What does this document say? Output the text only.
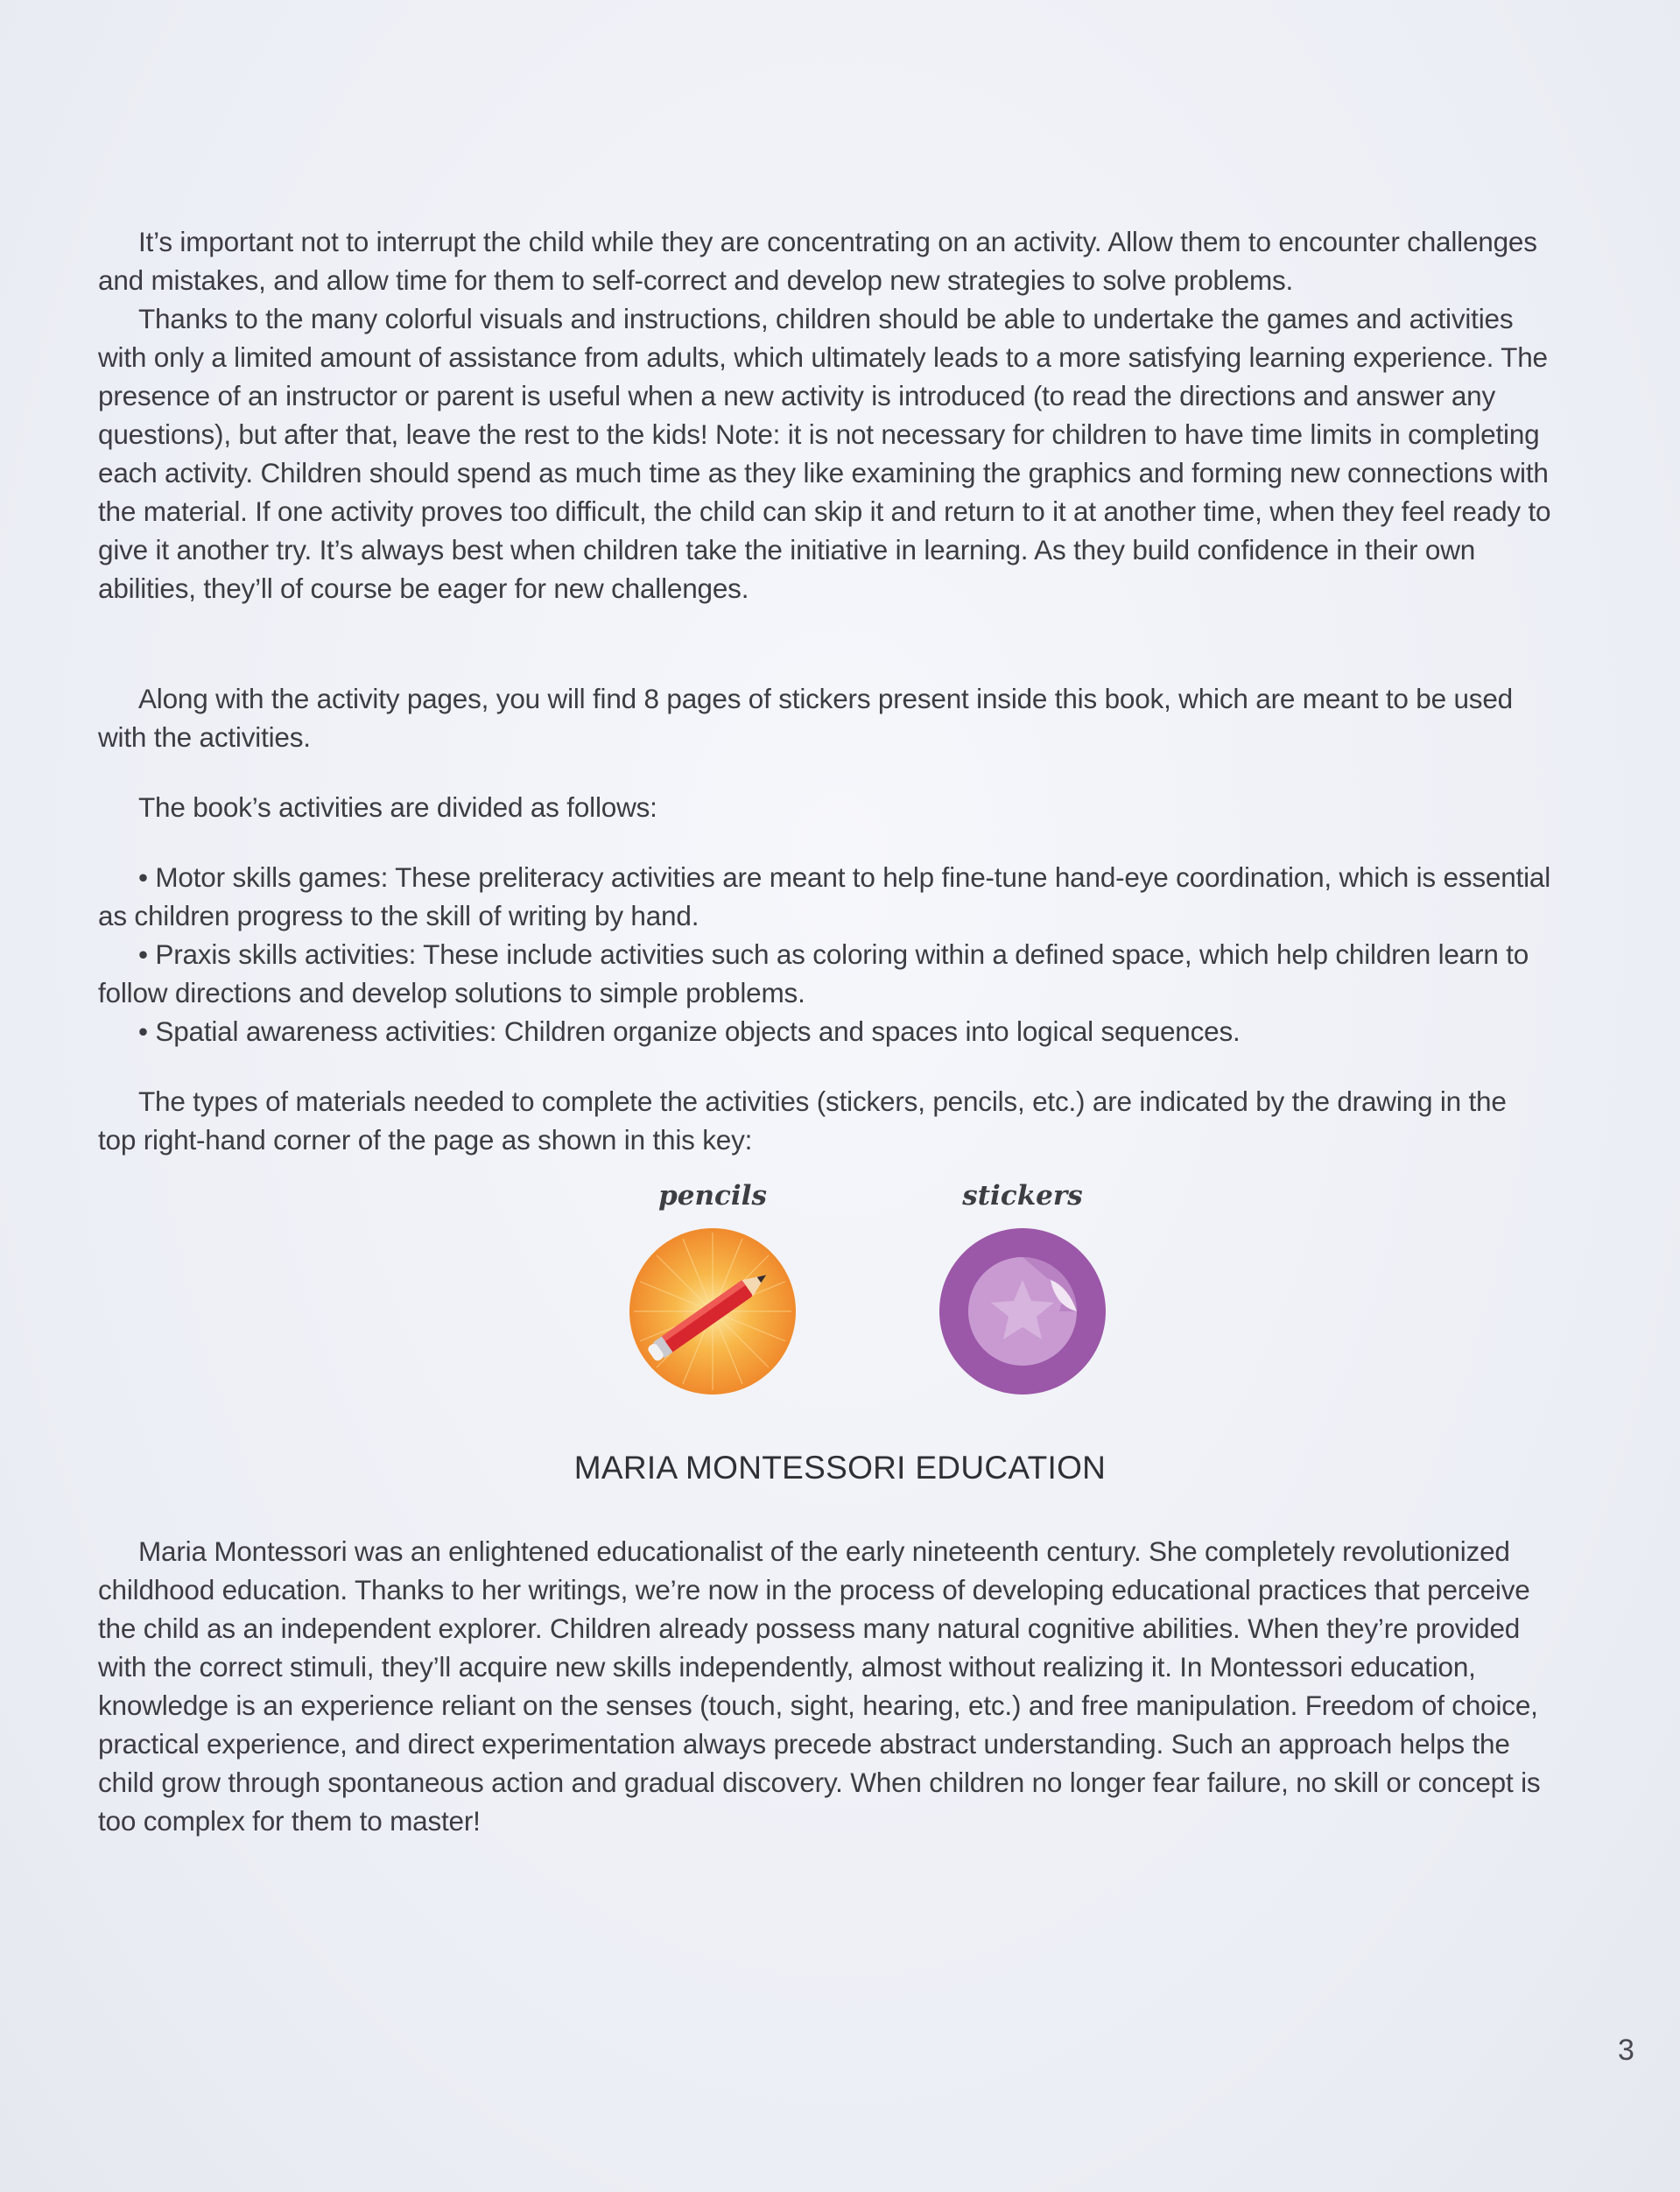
It’s important not to interrupt the child while they are concentrating on an activity. Allow them to encounter challenges and mistakes, and allow time for them to self-correct and develop new strategies to solve problems.

Thanks to the many colorful visuals and instructions, children should be able to undertake the games and activities with only a limited amount of assistance from adults, which ultimately leads to a more satisfying learning experience. The presence of an instructor or parent is useful when a new activity is introduced (to read the directions and answer any questions), but after that, leave the rest to the kids! Note: it is not necessary for children to have time limits in completing each activity. Children should spend as much time as they like examining the graphics and forming new connections with the material. If one activity proves too difficult, the child can skip it and return to it at another time, when they feel ready to give it another try. It’s always best when children take the initiative in learning. As they build confidence in their own abilities, they’ll of course be eager for new challenges.

Along with the activity pages, you will find 8 pages of stickers present inside this book, which are meant to be used with the activities.

The book’s activities are divided as follows:

• Motor skills games: These preliteracy activities are meant to help fine-tune hand-eye coordination, which is essential as children progress to the skill of writing by hand.

• Praxis skills activities: These include activities such as coloring within a defined space, which help children learn to follow directions and develop solutions to simple problems.

• Spatial awareness activities: Children organize objects and spaces into logical sequences.

The types of materials needed to complete the activities (stickers, pencils, etc.) are indicated by the drawing in the top right-hand corner of the page as shown in this key:

pencils	stickers
MARIA MONTESSORI EDUCATION

Maria Montessori was an enlightened educationalist of the early nineteenth century. She completely revolutionized childhood education. Thanks to her writings, we’re now in the process of developing educational practices that perceive the child as an independent explorer. Children already possess many natural cognitive abilities. When they’re provided with the correct stimuli, they’ll acquire new skills independently, almost without realizing it. In Montessori education, knowledge is an experience reliant on the senses (touch, sight, hearing, etc.) and free manipulation. Freedom of choice, practical experience, and direct experimentation always precede abstract understanding. Such an approach helps the child grow through spontaneous action and gradual discovery. When children no longer fear failure, no skill or concept is too complex for them to master!

3
